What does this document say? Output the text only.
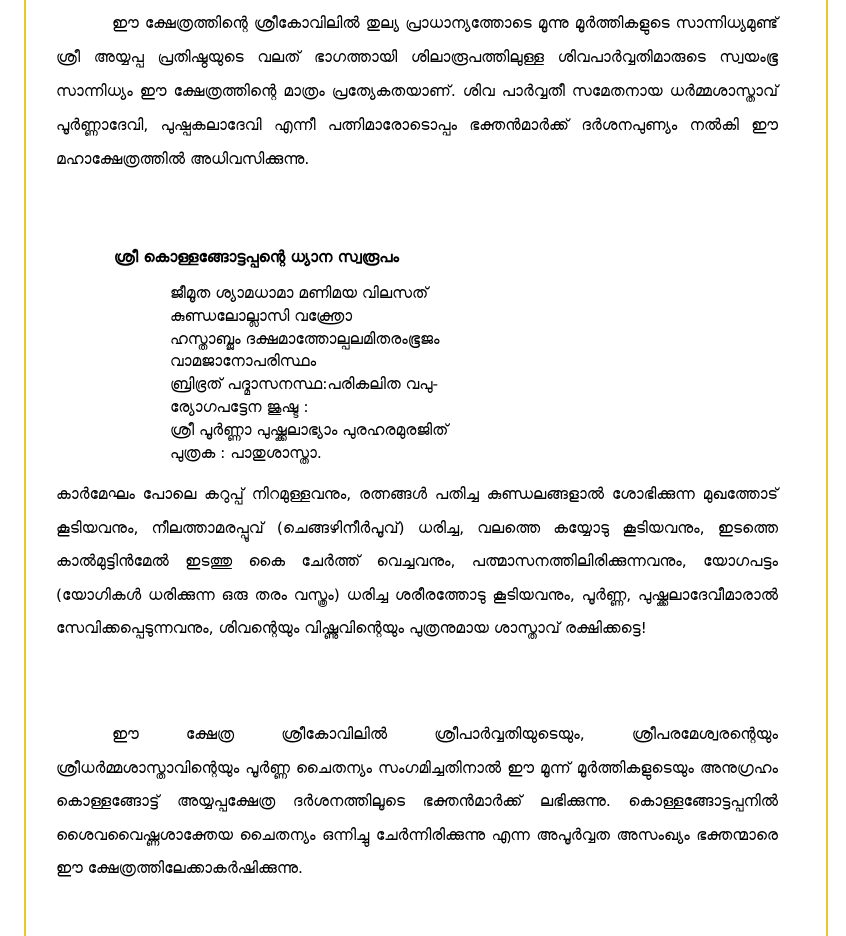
ഈ ക്ഷേത്രത്തിന്റെ ശ്രീകോവിലിൽ തുല്യ പ്രാധാന്യത്തോടെ മൂന്നു മൂർത്തികളുടെ സാന്നിധ്യമുണ്ട് ശ്രീ അയ്യപ്പ പ്രതിഷ്ഠയുടെ വലത് ഭാഗത്തായി ശിലാരൂപത്തിലുള്ള ശിവപാർവ്വതിമാരുടെ സ്വയംഭൂ സാന്നിധ്യം ഈ ക്ഷേത്രത്തിന്റെ മാത്രം പ്രത്യേകതയാണ്. ശിവ പാർവ്വതീ സമേതനായ ധർമ്മശാസ്താവ് പൂർണ്ണാദേവി, പുഷ്പകലാദേവി എന്നീ പത്നിമാരോടൊപ്പം ഭക്തൻമാർക്ക് ദർശനപുണ്യം നൽകി ഈ മഹാക്ഷേത്രത്തിൽ അധിവസിക്കുന്നു.
ശ്രീ കൊള്ളങ്ങോട്ടപ്പന്റെ ധ്യാന സ്വരൂപം
ജീമൂത ശ്യാമധാമാ മണിമയ വിലസത്
കുണ്ഡലോല്ലാസി വക്ത്രോ
ഹസ്താബ്ജം ദക്ഷമാത്തോല്പലമിതരംഭൂജം
വാമജാനോപരിസ്ഥം
ബ്രിഭ്രത് പദ്മാസനസ്ഥ:പരികലിത വപു-
ര്യോഗപട്ടേന ജുഷ്ട :
ശ്രീ പൂർണ്ണാ പുഷ്ക്കലാഭ്യാം പുരഹരമുരജിത്
പുത്രക : പാതുശാസ്താ.
കാർമേഘം പോലെ കറുപ്പ് നിറമുള്ളവനും, രത്നങ്ങൾ പതിച്ച കുണ്ഡലങ്ങളാൽ ശോഭിക്കുന്ന മുഖത്തോട് കൂടിയവനും, നീലത്താമരപ്പൂവ് (ചെങ്ങഴിനീർപൂവ്) ധരിച്ച, വലത്തെ കയ്യോടു കൂടിയവനും, ഇടത്തെ കാൽമുട്ടിൻമേൽ ഇടത്തു കൈ ചേർത്ത് വെച്ചവനും, പത്മാസനത്തിലിരിക്കുന്നവനും, യോഗപട്ടം (യോഗികൾ ധരിക്കുന്ന ഒരു തരം വസ്ത്രം) ധരിച്ച ശരീരത്തോടു കൂടിയവനും, പൂർണ്ണ, പുഷ്ക്കലാദേവീമാരാൽ സേവിക്കപ്പെടുന്നവനും, ശിവന്റെയും വിഷ്ണുവിന്റെയും പുത്രനുമായ ശാസ്താവ് രക്ഷിക്കട്ടെ!
ഈ ക്ഷേത്ര ശ്രീകോവിലിൽ ശ്രീപാർവ്വതിയുടെയും, ശ്രീപരമേശ്വരന്റെയും ശ്രീധർമ്മശാസ്താവിന്റെയും പൂർണ്ണ ചൈതന്യം സംഗമിച്ചതിനാൽ ഈ മൂന്ന് മൂർത്തികളുടെയും അനുഗ്രഹം കൊള്ളങ്ങോട്ട് അയ്യപ്പക്ഷേത്ര ദർശനത്തിലൂടെ ഭക്തൻമാർക്ക് ലഭിക്കുന്നു. കൊള്ളങ്ങോട്ടപ്പനിൽ ശൈവവൈഷ്ണശാക്തേയ ചൈതന്യം ഒന്നിച്ചു ചേർന്നിരിക്കുന്നു എന്ന അപൂർവ്വത അസംഖ്യം ഭക്തന്മാരെ ഈ ക്ഷേത്രത്തിലേക്കാകർഷിക്കുന്നു.
